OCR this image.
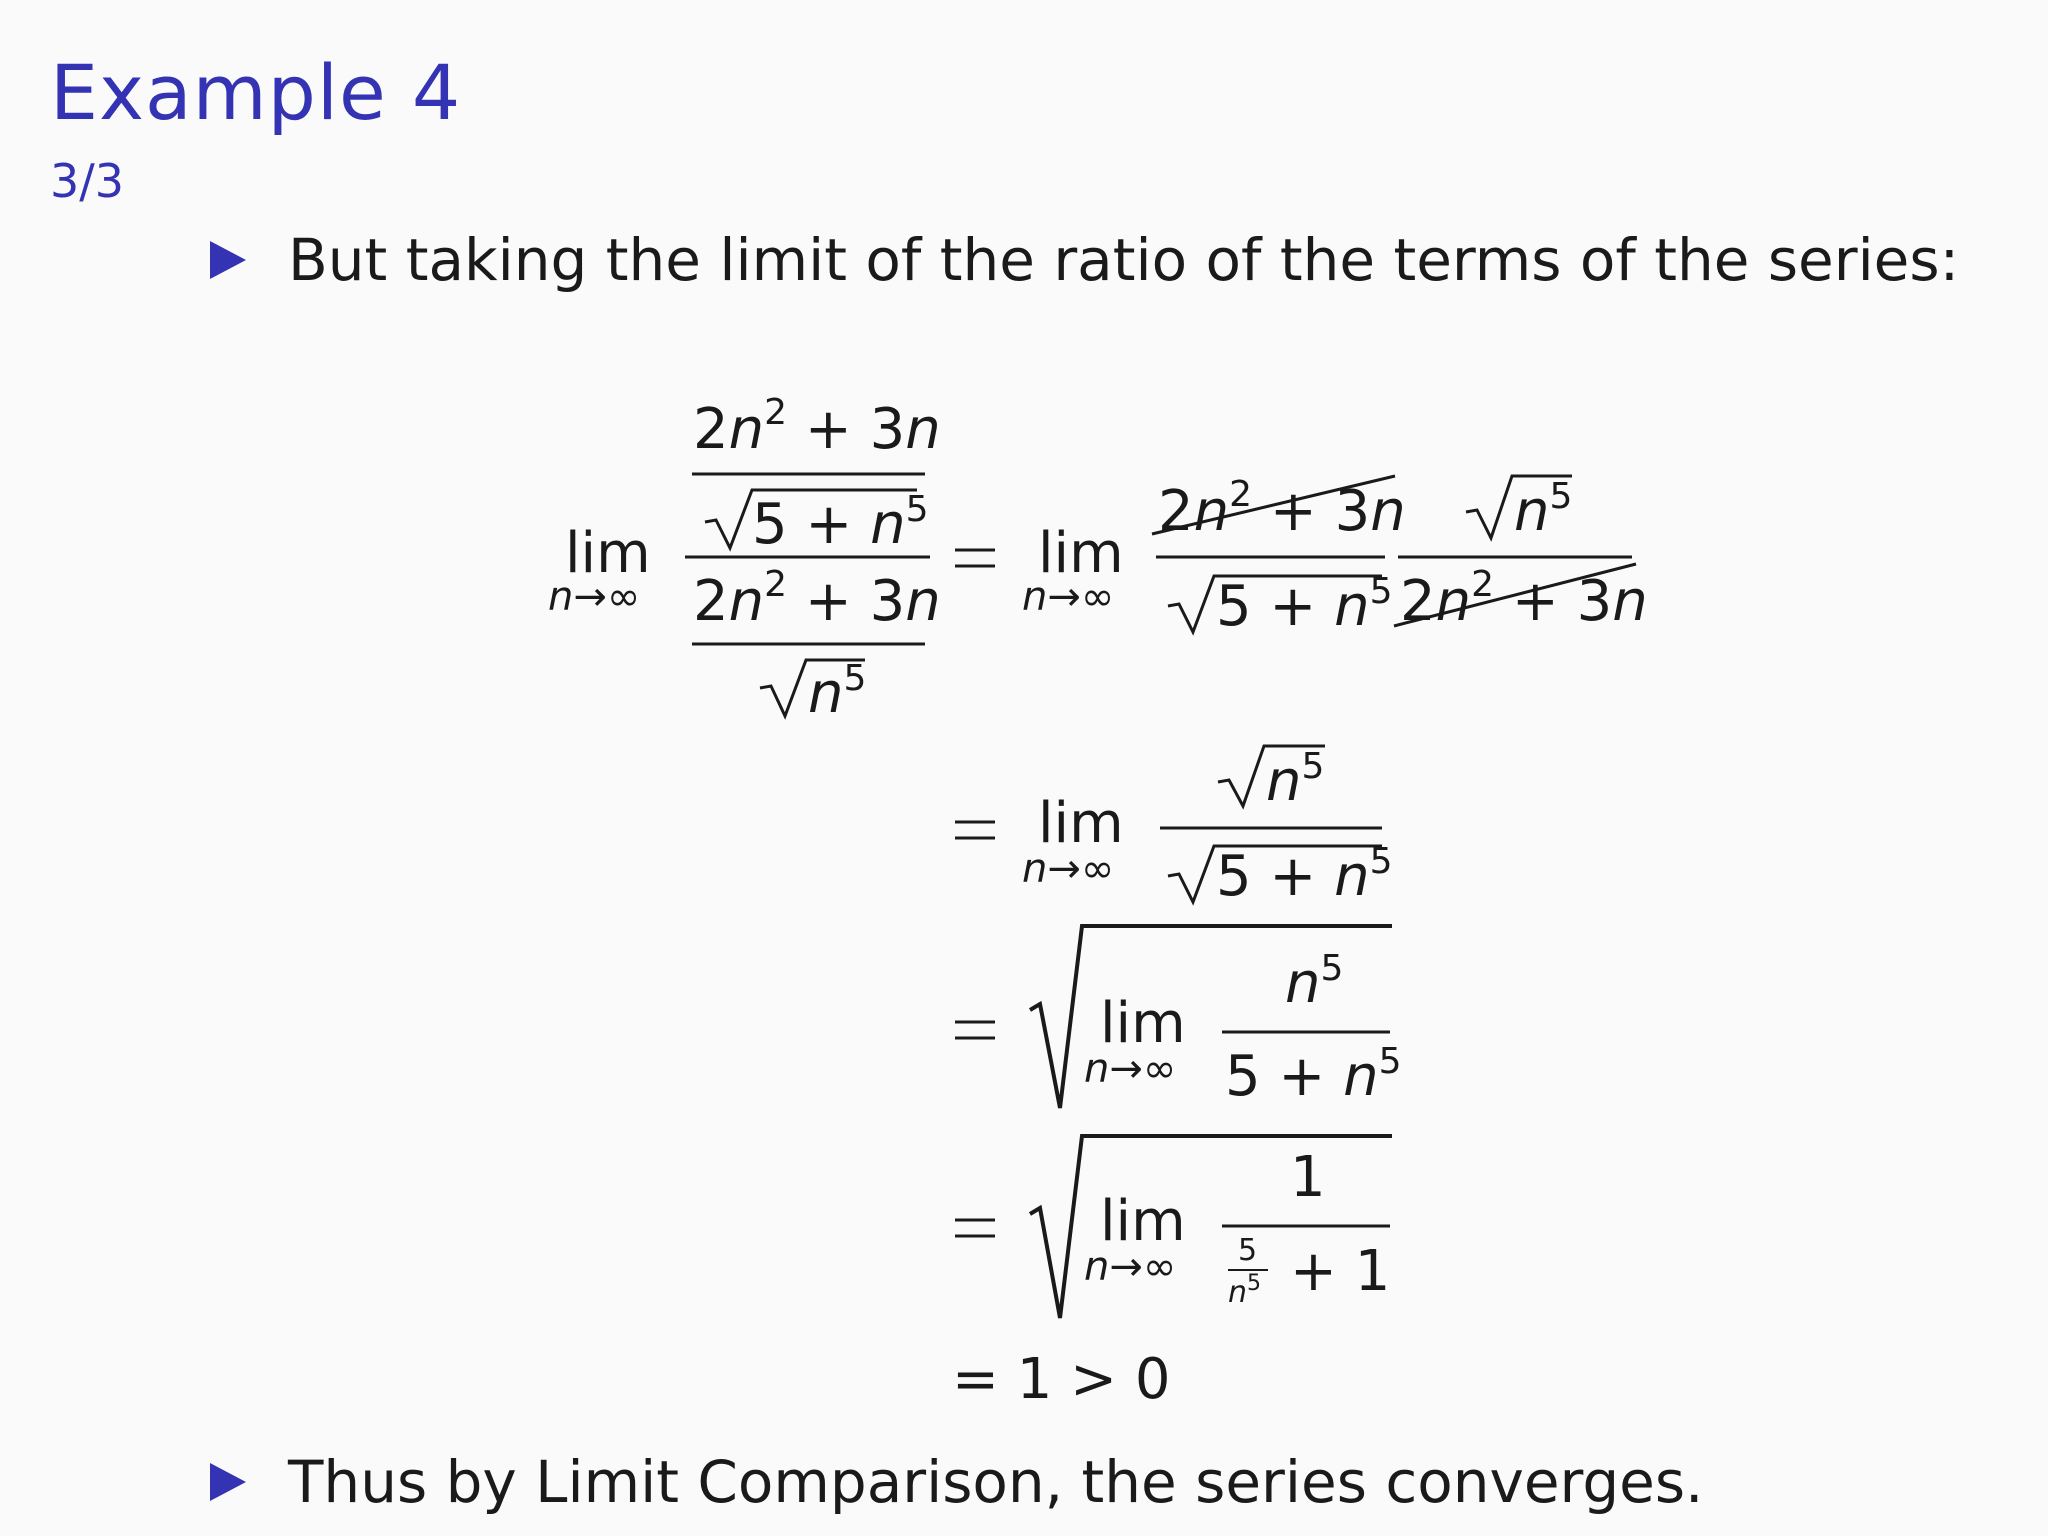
Example 4
3/3
But taking the limit of the ratio of the terms of the series:
lim
n→∞
$2n^2 + 3n$
$5 + n^5$
$2n^2 + 3n$
$n^5$
lim
n→∞
$2n^2 + 3n$
$5 + n^5$
$n^5$
$2n^2 + 3n$
lim
n→∞
$n^5$
$5 + n^5$
lim
n→∞
$n^5$
$5 + n^5$
lim
n→∞
1
5
$n^5 + 1$
= 1 > 0
Thus by Limit Comparison, the series converges.
